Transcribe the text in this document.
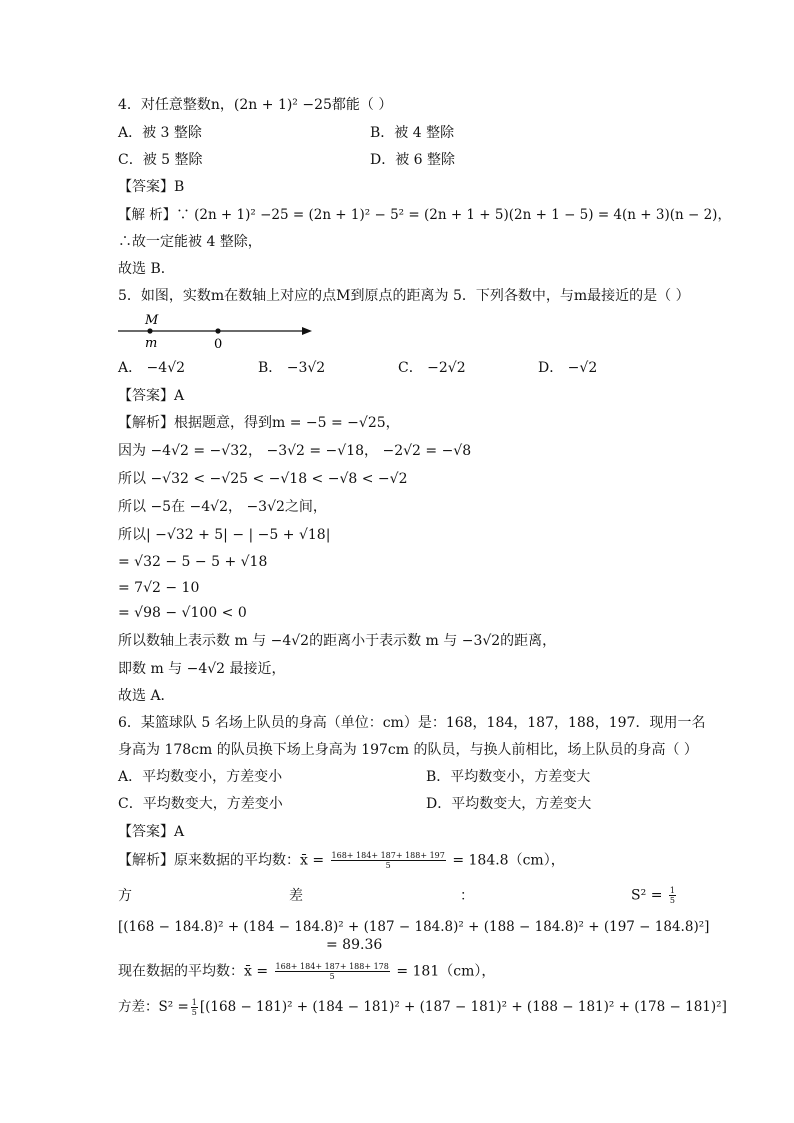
4．对任意整数n，(2n + 1)² −25都能（ ）
A．被 3 整除	B．被 4 整除
C．被 5 整除	D．被 6 整除
【答案】B
【解 析】∵ (2n + 1)² −25 = (2n + 1)² − 5² = (2n + 1 + 5)(2n + 1 − 5) = 4(n + 3)(n − 2)，
∴故一定能被 4 整除，
故选 B．
5．如图，实数m在数轴上对应的点M到原点的距离为 5．下列各数中，与m最接近的是（ ）
M
m	0
A． −4√2	B． −3√2	C． −2√2	D． −√2
【答案】A
【解析】根据题意，得到m = −5 = −√25，
因为 −4√2 = −√32， −3√2 = −√18， −2√2 = −√8
所以 −√32 < −√25 < −√18 < −√8 < −√2
所以 −5在 −4√2， −3√2之间，
所以| −√32 + 5| − | −5 + √18|
= √32 − 5 − 5 + √18
= 7√2 − 10
= √98 − √100 < 0
所以数轴上表示数 m 与 −4√2的距离小于表示数 m 与 −3√2的距离，
即数 m 与 −4√2 最接近，
故选 A．
6．某篮球队 5 名场上队员的身高（单位：cm）是：168，184，187，188，197．现用一名
身高为 178cm 的队员换下场上身高为 197cm 的队员，与换人前相比，场上队员的身高（ ）
A．平均数变小，方差变小	B．平均数变小，方差变大
C．平均数变大，方差变小	D．平均数变大，方差变大
【答案】A
【解析】原来数据的平均数：x̄ = $\frac{168+ 184+ 187+ 188+ 197}{5} = 184.8(cm)$，
方	差	：	$S^2 = \frac{1}{5}$
[(168 − 184.8)² + (184 − 184.8)² + (187 − 184.8)² + (188 − 184.8)² + (197 − 184.8)²]
= 89.36
现在数据的平均数：x̄ = $\frac{168+ 184+ 187+ 188+ 178}{5} = 181(cm)$，
方差：$S^2 = \frac{1}{5} [(168 - 181)^2 + (184 - 181)^2 + (187 - 181)^2 + (188 - 181)^2 + (178 - 181)^2]$
